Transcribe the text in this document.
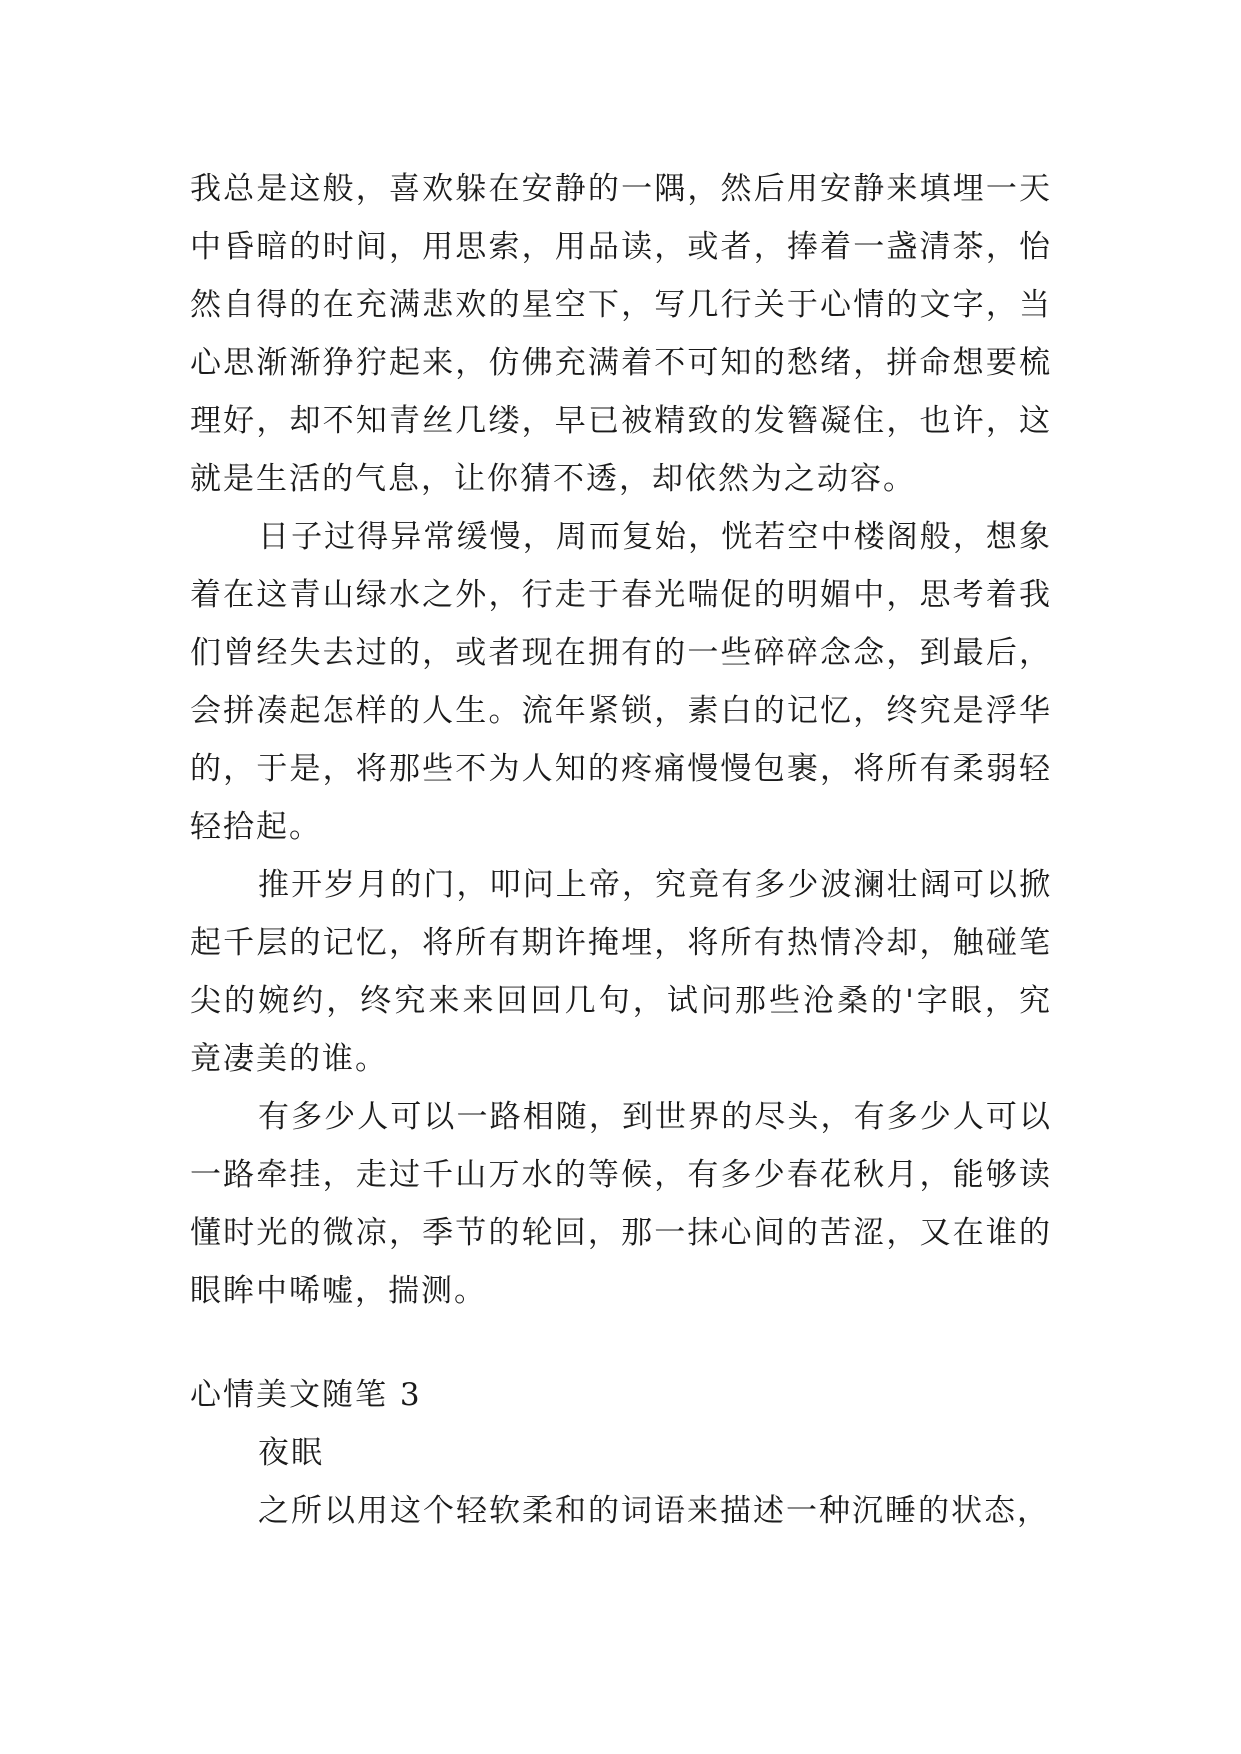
我总是这般，喜欢躲在安静的一隅，然后用安静来填埋一天中昏暗的时间，用思索，用品读，或者，捧着一盏清茶，怡然自得的在充满悲欢的星空下，写几行关于心情的文字，当心思渐渐狰狞起来，仿佛充满着不可知的愁绪，拼命想要梳理好，却不知青丝几缕，早已被精致的发簪凝住，也许，这就是生活的气息，让你猜不透，却依然为之动容。

日子过得异常缓慢，周而复始，恍若空中楼阁般，想象着在这青山绿水之外，行走于春光喘促的明媚中，思考着我们曾经失去过的，或者现在拥有的一些碎碎念念，到最后，会拼凑起怎样的人生。流年紧锁，素白的记忆，终究是浮华的，于是，将那些不为人知的疼痛慢慢包裹，将所有柔弱轻轻拾起。

推开岁月的门，叩问上帝，究竟有多少波澜壮阔可以掀起千层的记忆，将所有期许掩埋，将所有热情冷却，触碰笔尖的婉约，终究来来回回几句，试问那些沧桑的'字眼，究竟凄美的谁。

有多少人可以一路相随，到世界的尽头，有多少人可以一路牵挂，走过千山万水的等候，有多少春花秋月，能够读懂时光的微凉，季节的轮回，那一抹心间的苦涩，又在谁的眼眸中唏嘘，揣测。

心情美文随笔 3

夜眠

之所以用这个轻软柔和的词语来描述一种沉睡的状态，
